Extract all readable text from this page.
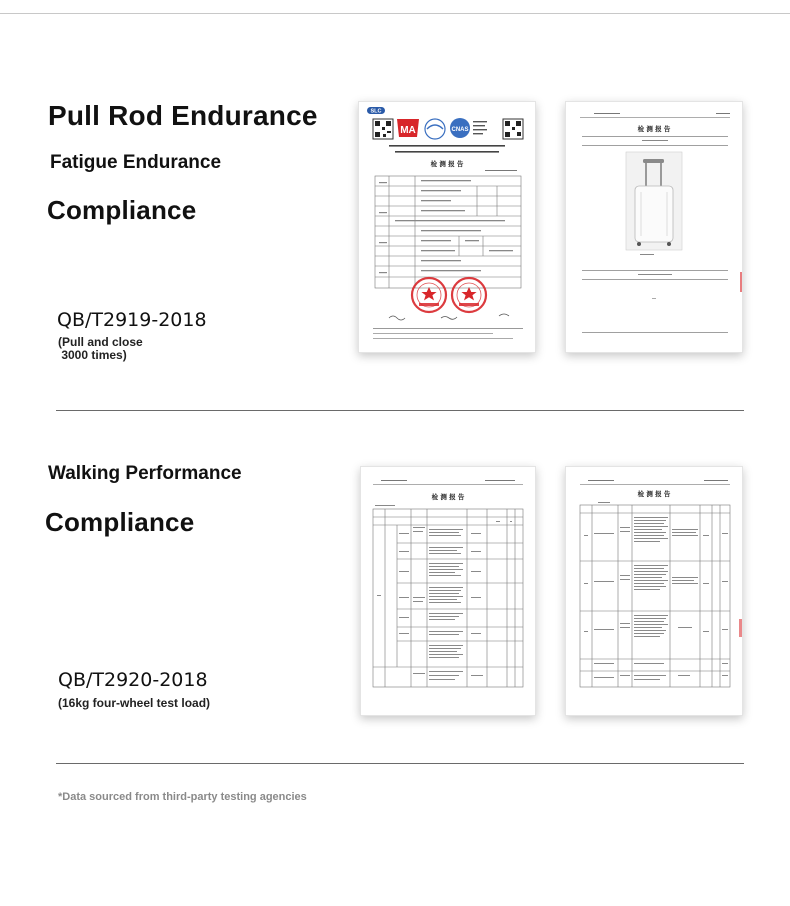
Pull Rod Endurance
Fatigue Endurance
Compliance
QB/T2919-2018
(Pull and close
3000 times)
SLC
MA	CNAS
检 测 报 告
检 测 报 告
Walking Performance
Compliance
QB/T2920-2018
(16kg four-wheel test load)
检 测 报 告	检 测 报 告
*Data sourced from third-party testing agencies
